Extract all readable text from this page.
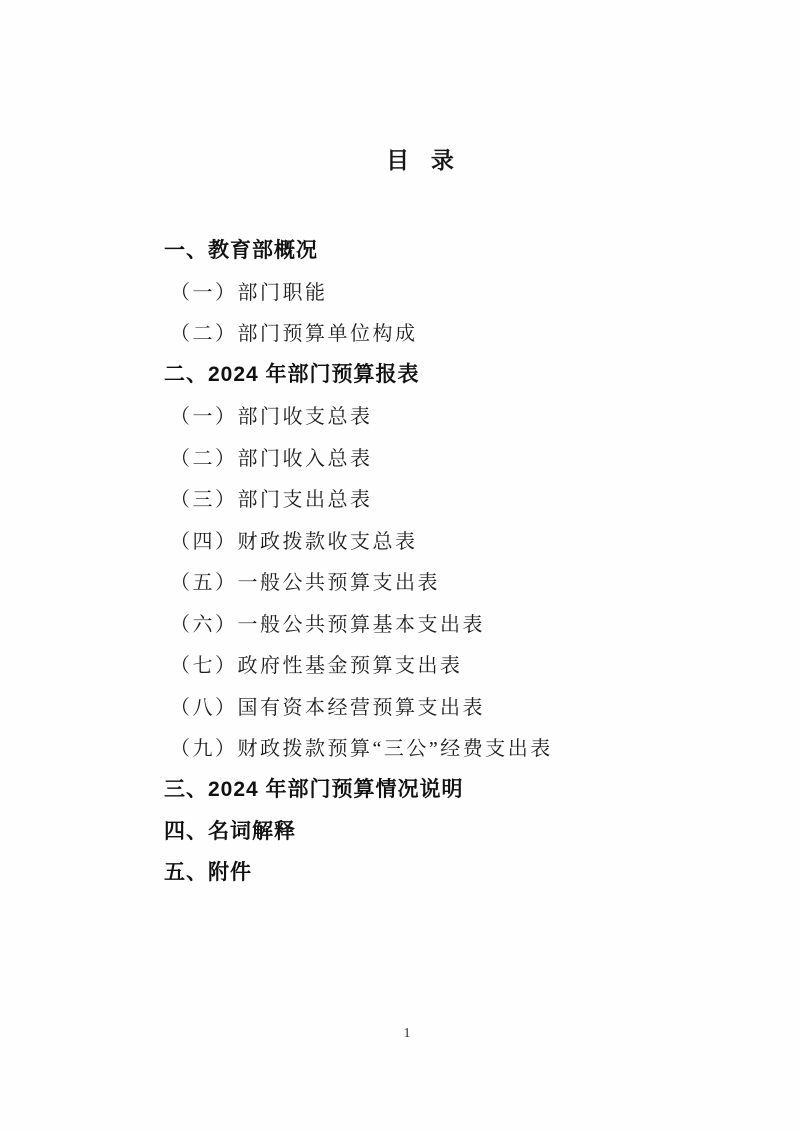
目 录
一、教育部概况
（一）部门职能
（二）部门预算单位构成
二、2024 年部门预算报表
（一）部门收支总表
（二）部门收入总表
（三）部门支出总表
（四）财政拨款收支总表
（五）一般公共预算支出表
（六）一般公共预算基本支出表
（七）政府性基金预算支出表
（八）国有资本经营预算支出表
（九）财政拨款预算“三公”经费支出表
三、2024 年部门预算情况说明
四、名词解释
五、附件
1
